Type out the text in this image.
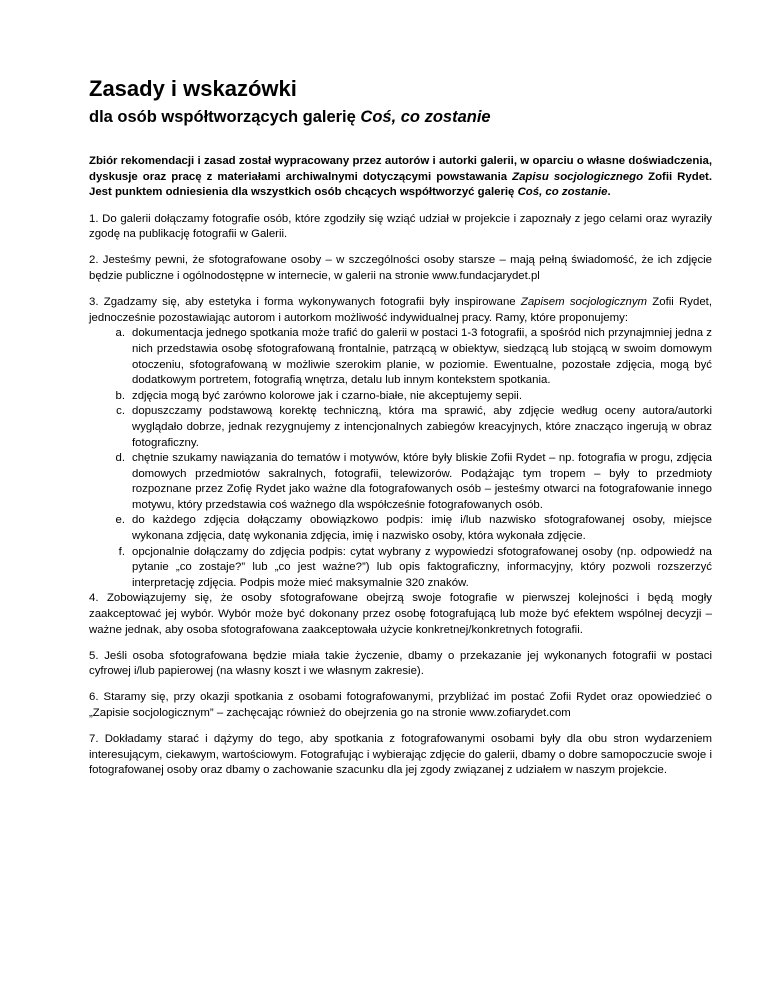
Zasady i wskazówki
dla osób współtworzących galerię Coś, co zostanie

Zbiór rekomendacji i zasad został wypracowany przez autorów i autorki galerii, w oparciu o własne doświadczenia, dyskusje oraz pracę z materiałami archiwalnymi dotyczącymi powstawania Zapisu socjologicznego Zofii Rydet. Jest punktem odniesienia dla wszystkich osób chcących współtworzyć galerię Coś, co zostanie.

1. Do galerii dołączamy fotografie osób, które zgodziły się wziąć udział w projekcie i zapoznały z jego celami oraz wyraziły zgodę na publikację fotografii w Galerii.

2. Jesteśmy pewni, że sfotografowane osoby – w szczególności osoby starsze – mają pełną świadomość, że ich zdjęcie będzie publiczne i ogólnodostępne w internecie, w galerii na stronie www.fundacjarydet.pl

3. Zgadzamy się, aby estetyka i forma wykonywanych fotografii były inspirowane Zapisem socjologicznym Zofii Rydet, jednocześnie pozostawiając autorom i autorkom możliwość indywidualnej pracy. Ramy, które proponujemy:

a. dokumentacja jednego spotkania może trafić do galerii w postaci 1-3 fotografii, a spośród nich przynajmniej jedna z nich przedstawia osobę sfotografowaną frontalnie, patrzącą w obiektyw, siedzącą lub stojącą w swoim domowym otoczeniu, sfotografowaną w możliwie szerokim planie, w poziomie. Ewentualne, pozostałe zdjęcia, mogą być dodatkowym portretem, fotografią wnętrza, detalu lub innym kontekstem spotkania.
b. zdjęcia mogą być zarówno kolorowe jak i czarno-białe, nie akceptujemy sepii.
c. dopuszczamy podstawową korektę techniczną, która ma sprawić, aby zdjęcie według oceny autora/autorki wyglądało dobrze, jednak rezygnujemy z intencjonalnych zabiegów kreacyjnych, które znacząco ingerują w obraz fotograficzny.
d. chętnie szukamy nawiązania do tematów i motywów, które były bliskie Zofii Rydet – np. fotografia w progu, zdjęcia domowych przedmiotów sakralnych, fotografii, telewizorów. Podążając tym tropem – były to przedmioty rozpoznane przez Zofię Rydet jako ważne dla fotografowanych osób – jesteśmy otwarci na fotografowanie innego motywu, który przedstawia coś ważnego dla współcześnie fotografowanych osób.
e. do każdego zdjęcia dołączamy obowiązkowo podpis: imię i/lub nazwisko sfotografowanej osoby, miejsce wykonana zdjęcia, datę wykonania zdjęcia, imię i nazwisko osoby, która wykonała zdjęcie.
f. opcjonalnie dołączamy do zdjęcia podpis: cytat wybrany z wypowiedzi sfotografowanej osoby (np. odpowiedź na pytanie „co zostaje?” lub „co jest ważne?”) lub opis faktograficzny, informacyjny, który pozwoli rozszerzyć interpretację zdjęcia. Podpis może mieć maksymalnie 320 znaków.

4. Zobowiązujemy się, że osoby sfotografowane obejrzą swoje fotografie w pierwszej kolejności i będą mogły zaakceptować jej wybór. Wybór może być dokonany przez osobę fotografującą lub może być efektem wspólnej decyzji – ważne jednak, aby osoba sfotografowana zaakceptowała użycie konkretnej/konkretnych fotografii.

5. Jeśli osoba sfotografowana będzie miała takie życzenie, dbamy o przekazanie jej wykonanych fotografii w postaci cyfrowej i/lub papierowej (na własny koszt i we własnym zakresie).

6. Staramy się, przy okazji spotkania z osobami fotografowanymi, przybliżać im postać Zofii Rydet oraz opowiedzieć o „Zapisie socjologicznym” – zachęcając również do obejrzenia go na stronie www.zofiarydet.com

7. Dokładamy starać i dążymy do tego, aby spotkania z fotografowanymi osobami były dla obu stron wydarzeniem interesującym, ciekawym, wartościowym. Fotografując i wybierając zdjęcie do galerii, dbamy o dobre samopoczucie swoje i fotografowanej osoby oraz dbamy o zachowanie szacunku dla jej zgody związanej z udziałem w naszym projekcie.
